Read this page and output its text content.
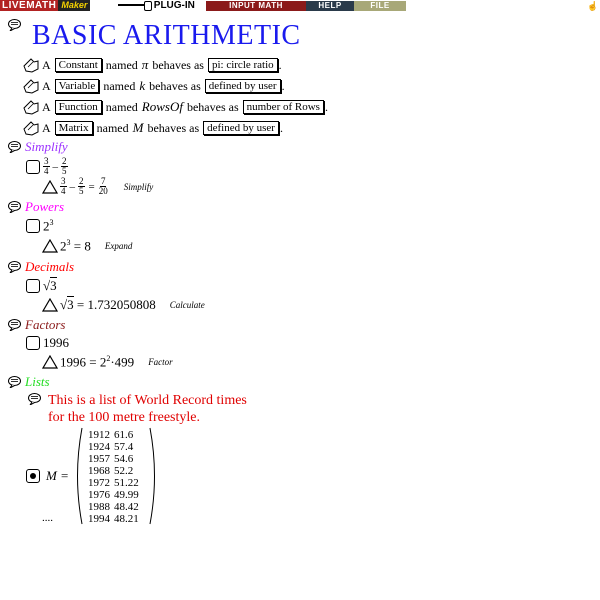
LIVEMATH Maker	PLUG-IN	INPUT MATH	HELP	FILE	☝
BASIC ARITHMETIC
A Constant named π behaves as pi: circle ratio .
A Variable named k behaves as defined by user .
A Function named RowsOf behaves as number of Rows .
A Matrix named M behaves as defined by user .
Simplify
$\frac{3}{4} - \frac{2}{5}$
$\frac{3}{4} - \frac{2}{5} = \frac{7}{20}$ Simplify
Powers
$2^3$
$2^3 = 8$ Expand
Decimals
√3
√3 = 1.732050808 Calculate
Factors
1996
$1996 = 2^2\cdot 499$ Factor
Lists
This is a list of World Record times
for the 100 metre freestyle.
M =
1912	61.6
1924	57.4
1957	54.6
1968	52.2
1972	51.22
1976	49.99
1988	48.42
1994	48.21
....
